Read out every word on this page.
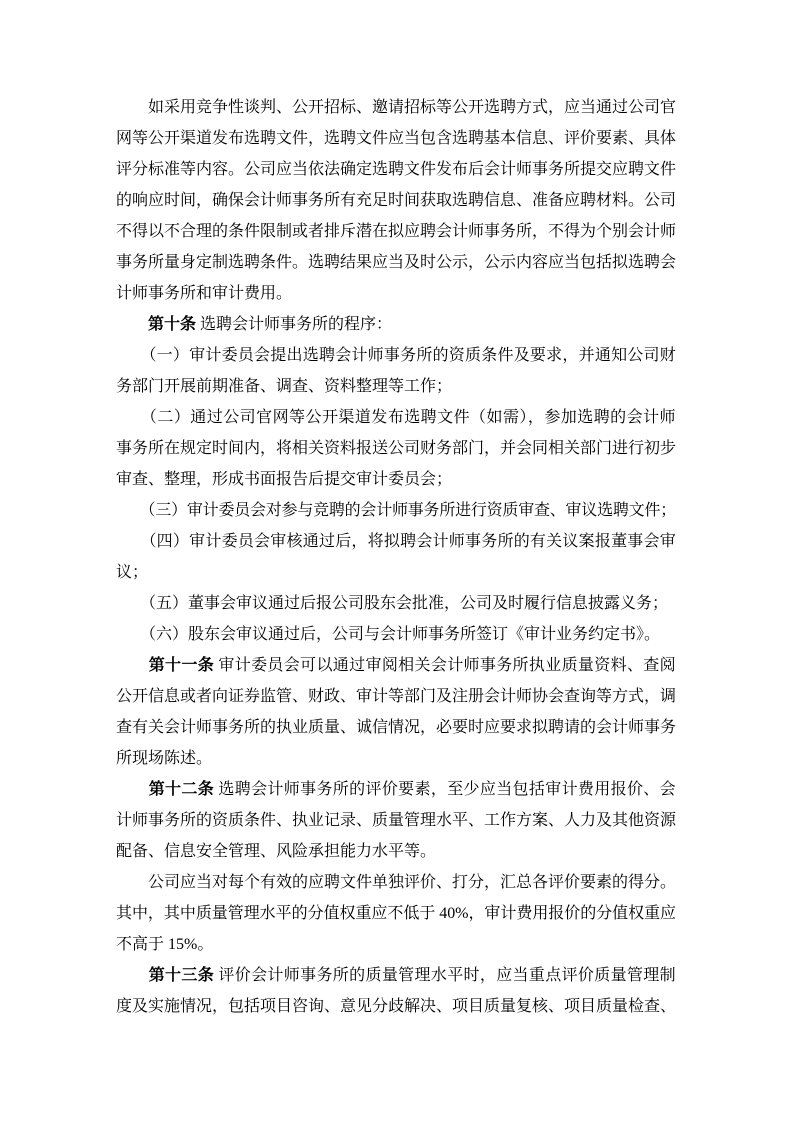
　　如采用竞争性谈判、公开招标、邀请招标等公开选聘方式，应当通过公司官
网等公开渠道发布选聘文件，选聘文件应当包含选聘基本信息、评价要素、具体
评分标准等内容。公司应当依法确定选聘文件发布后会计师事务所提交应聘文件
的响应时间，确保会计师事务所有充足时间获取选聘信息、准备应聘材料。公司
不得以不合理的条件限制或者排斥潜在拟应聘会计师事务所，不得为个别会计师
事务所量身定制选聘条件。选聘结果应当及时公示，公示内容应当包括拟选聘会
计师事务所和审计费用。
　　第十条 选聘会计师事务所的程序：
　　（一）审计委员会提出选聘会计师事务所的资质条件及要求，并通知公司财
务部门开展前期准备、调查、资料整理等工作；
　　（二）通过公司官网等公开渠道发布选聘文件（如需），参加选聘的会计师
事务所在规定时间内，将相关资料报送公司财务部门，并会同相关部门进行初步
审查、整理，形成书面报告后提交审计委员会；
　　（三）审计委员会对参与竞聘的会计师事务所进行资质审查、审议选聘文件；
　　（四）审计委员会审核通过后，将拟聘会计师事务所的有关议案报董事会审
议；
　　（五）董事会审议通过后报公司股东会批准，公司及时履行信息披露义务；
　　（六）股东会审议通过后，公司与会计师事务所签订《审计业务约定书》。
　　第十一条 审计委员会可以通过审阅相关会计师事务所执业质量资料、查阅
公开信息或者向证券监管、财政、审计等部门及注册会计师协会查询等方式，调
查有关会计师事务所的执业质量、诚信情况，必要时应要求拟聘请的会计师事务
所现场陈述。
　　第十二条 选聘会计师事务所的评价要素，至少应当包括审计费用报价、会
计师事务所的资质条件、执业记录、质量管理水平、工作方案、人力及其他资源
配备、信息安全管理、风险承担能力水平等。
　　公司应当对每个有效的应聘文件单独评价、打分，汇总各评价要素的得分。
其中，其中质量管理水平的分值权重应不低于 40%，审计费用报价的分值权重应
不高于 15%。
　　第十三条 评价会计师事务所的质量管理水平时，应当重点评价质量管理制
度及实施情况，包括项目咨询、意见分歧解决、项目质量复核、项目质量检查、
